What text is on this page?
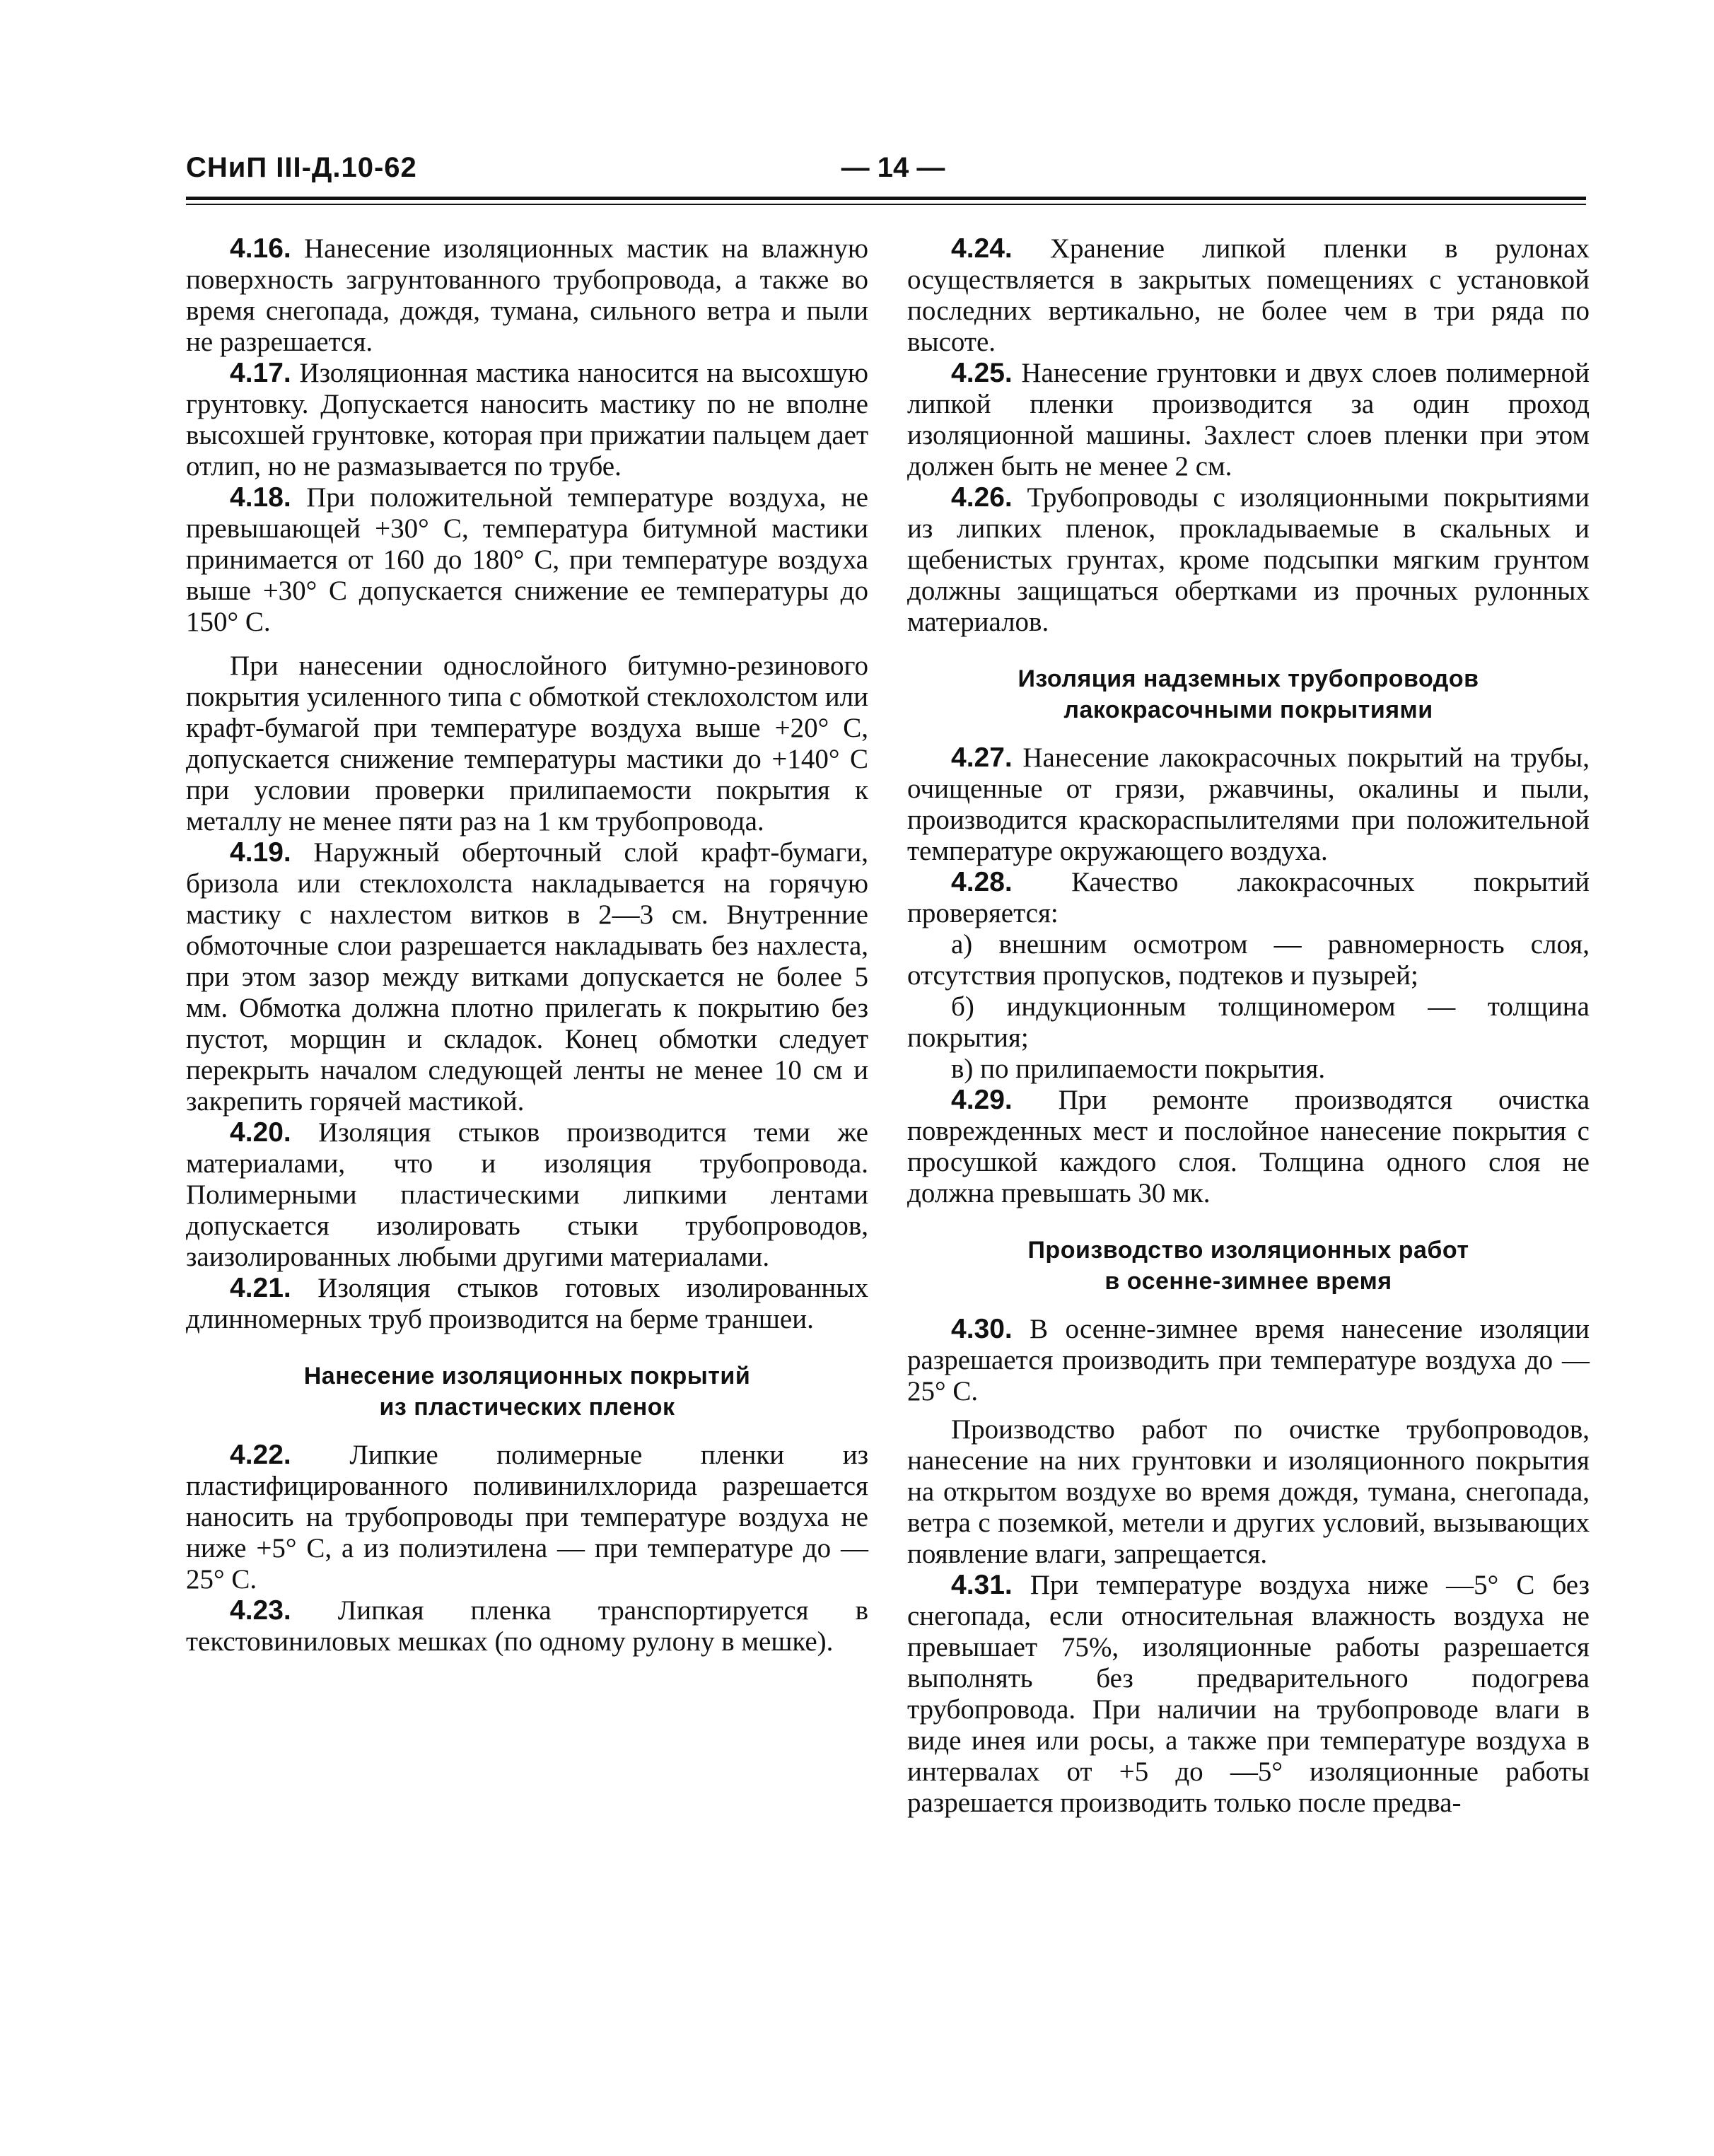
СНиП III-Д.10-62	— 14 —

4.16. Нанесение изоляционных мастик на влажную поверхность загрунтованного трубопровода, а также во время снегопада, дождя, тумана, сильного ветра и пыли не разрешается.

4.17. Изоляционная мастика наносится на высохшую грунтовку. Допускается наносить мастику по не вполне высохшей грунтовке, которая при прижатии пальцем дает отлип, но не размазывается по трубе.

4.18. При положительной температуре воздуха, не превышающей +30° С, температура битумной мастики принимается от 160 до 180° С, при температуре воздуха выше +30° С допускается снижение ее температуры до 150° С.

При нанесении однослойного битумно-резинового покрытия усиленного типа с обмоткой стеклохолстом или крафт-бумагой при температуре воздуха выше +20° С, допускается снижение температуры мастики до +140° С при условии проверки прилипаемости покрытия к металлу не менее пяти раз на 1 км трубопровода.

4.19. Наружный оберточный слой крафт-бумаги, бризола или стеклохолста накладывается на горячую мастику с нахлестом витков в 2—3 см. Внутренние обмоточные слои разрешается накладывать без нахлеста, при этом зазор между витками допускается не более 5 мм. Обмотка должна плотно прилегать к покрытию без пустот, морщин и складок. Конец обмотки следует перекрыть началом следующей ленты не менее 10 см и закрепить горячей мастикой.

4.20. Изоляция стыков производится теми же материалами, что и изоляция трубопровода. Полимерными пластическими липкими лентами допускается изолировать стыки трубопроводов, заизолированных любыми другими материалами.

4.21. Изоляция стыков готовых изолированных длинномерных труб производится на берме траншеи.

Нанесение изоляционных покрытий
из пластических пленок

4.22. Липкие полимерные пленки из пластифицированного поливинилхлорида разрешается наносить на трубопроводы при температуре воздуха не ниже +5° С, а из полиэтилена — при температуре до —25° С.

4.23. Липкая пленка транспортируется в текстовиниловых мешках (по одному рулону в мешке).

4.24. Хранение липкой пленки в рулонах осуществляется в закрытых помещениях с установкой последних вертикально, не более чем в три ряда по высоте.

4.25. Нанесение грунтовки и двух слоев полимерной липкой пленки производится за один проход изоляционной машины. Захлест слоев пленки при этом должен быть не менее 2 см.

4.26. Трубопроводы с изоляционными покрытиями из липких пленок, прокладываемые в скальных и щебенистых грунтах, кроме подсыпки мягким грунтом должны защищаться обертками из прочных рулонных материалов.

Изоляция надземных трубопроводов
лакокрасочными покрытиями

4.27. Нанесение лакокрасочных покрытий на трубы, очищенные от грязи, ржавчины, окалины и пыли, производится краскораспылителями при положительной температуре окружающего воздуха.

4.28. Качество лакокрасочных покрытий проверяется:

а) внешним осмотром — равномерность слоя, отсутствия пропусков, подтеков и пузырей;

б) индукционным толщиномером — толщина покрытия;

в) по прилипаемости покрытия.

4.29. При ремонте производятся очистка поврежденных мест и послойное нанесение покрытия с просушкой каждого слоя. Толщина одного слоя не должна превышать 30 мк.

Производство изоляционных работ
в осенне-зимнее время

4.30. В осенне-зимнее время нанесение изоляции разрешается производить при температуре воздуха до —25° С.

Производство работ по очистке трубопроводов, нанесение на них грунтовки и изоляционного покрытия на открытом воздухе во время дождя, тумана, снегопада, ветра с поземкой, метели и других условий, вызывающих появление влаги, запрещается.

4.31. При температуре воздуха ниже —5° С без снегопада, если относительная влажность воздуха не превышает 75%, изоляционные работы разрешается выполнять без предварительного подогрева трубопровода. При наличии на трубопроводе влаги в виде инея или росы, а также при температуре воздуха в интервалах от +5 до —5° изоляционные работы разрешается производить только после предва-
